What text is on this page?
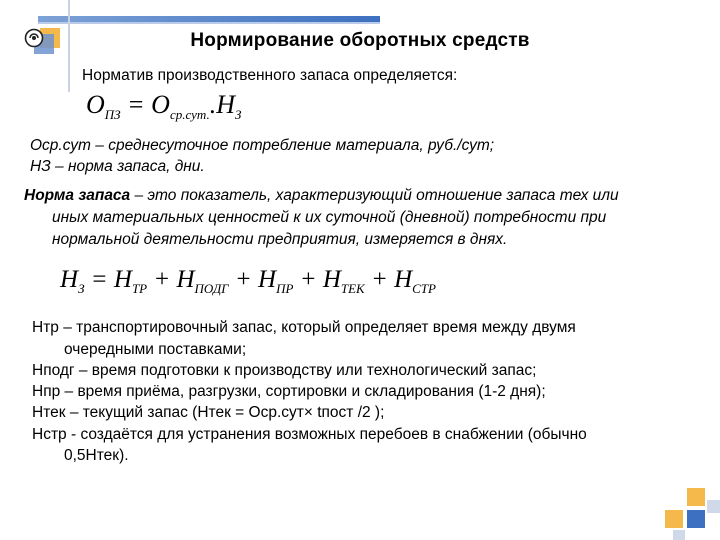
Нормирование оборотных средств
Норматив производственного запаса определяется:
$О_{ПЗ} = О_{ср.сут.}.Н_З$
Оср.сут – среднесуточное потребление материала, руб./сут;
НЗ – норма запаса, дни.
Норма запаса – это показатель, характеризующий отношение запаса тех или
иных материальных ценностей к их суточной (дневной) потребности при
нормальной деятельности предприятия, измеряется в днях.
$Н_З = Н_{ТР} + Н_{ПОДГ} + Н_{ПР} + Н_{ТЕК} + Н_{СТР}$
Нтр – транспортировочный запас, который определяет время между двумя
очередными поставками;
Нподг – время подготовки к производству или технологический запас;
Нпр – время приёма, разгрузки, сортировки и складирования (1-2 дня);
Нтек – текущий запас (Нтек = Оср.сут× tпост /2 );
Нстр - создаётся для устранения возможных перебоев в снабжении (обычно
0,5Нтек).
